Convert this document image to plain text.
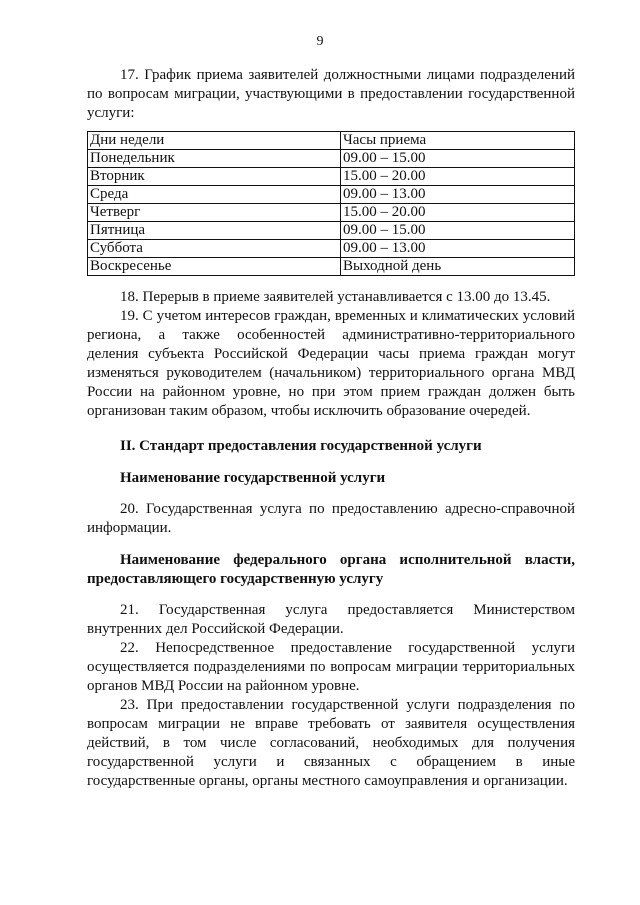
9

17. График приема заявителей должностными лицами подразделений по вопросам миграции, участвующими в предоставлении государственной услуги:

Дни недели	Часы приема
Понедельник	09.00 – 15.00
Вторник	15.00 – 20.00
Среда	09.00 – 13.00
Четверг	15.00 – 20.00
Пятница	09.00 – 15.00
Суббота	09.00 – 13.00
Воскресенье	Выходной день

18. Перерыв в приеме заявителей устанавливается с 13.00 до 13.45.

19. С учетом интересов граждан, временных и климатических условий региона, а также особенностей административно-территориального деления субъекта Российской Федерации часы приема граждан могут изменяться руководителем (начальником) территориального органа МВД России на районном уровне, но при этом прием граждан должен быть организован таким образом, чтобы исключить образование очередей.

II. Стандарт предоставления государственной услуги
Наименование государственной услуги

20. Государственная услуга по предоставлению адресно-справочной информации.

Наименование федерального органа исполнительной власти, предоставляющего государственную услугу

21. Государственная услуга предоставляется Министерством внутренних дел Российской Федерации.

22. Непосредственное предоставление государственной услуги осуществляется подразделениями по вопросам миграции территориальных органов МВД России на районном уровне.

23. При предоставлении государственной услуги подразделения по вопросам миграции не вправе требовать от заявителя осуществления действий, в том числе согласований, необходимых для получения государственной услуги и связанных с обращением в иные государственные органы, органы местного самоуправления и организации.
